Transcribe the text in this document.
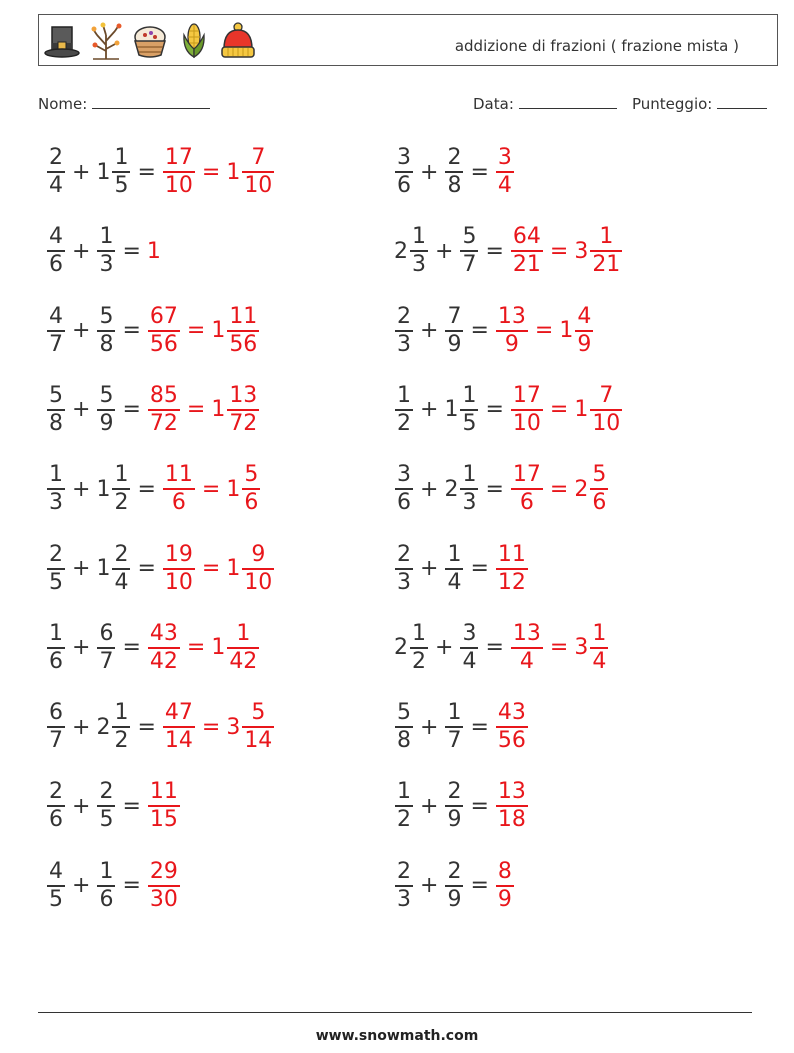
addizione di frazioni ( frazione mista )
Nome:	Data:	Punteggio:
$\frac{2}{4} + 1 \frac{1}{5} = \frac{17}{10} = 1 \frac{7}{10}$
$\frac{4}{6} + \frac{1}{3} = 1$
$\frac{4}{7} + \frac{5}{8} = \frac{67}{56} = 1 \frac{11}{56}$
$\frac{5}{8} + \frac{5}{9} = \frac{85}{72} = 1 \frac{13}{72}$
$\frac{1}{3} + 1 \frac{1}{2} = \frac{11}{6} = 1 \frac{5}{6}$
$\frac{2}{5} + 1 \frac{2}{4} = \frac{19}{10} = 1 \frac{9}{10}$
$\frac{1}{6} + \frac{6}{7} = \frac{43}{42} = 1 \frac{1}{42}$
$\frac{6}{7} + 2 \frac{1}{2} = \frac{47}{14} = 3 \frac{5}{14}$
$\frac{2}{6} + \frac{2}{5} = \frac{11}{15}$
$\frac{4}{5} + \frac{1}{6} = \frac{29}{30}$
$\frac{3}{6} + \frac{2}{8} = \frac{3}{4}$
$2 \frac{1}{3} + \frac{5}{7} = \frac{64}{21} = 3 \frac{1}{21}$
$\frac{2}{3} + \frac{7}{9} = \frac{13}{9} = 1 \frac{4}{9}$
$\frac{1}{2} + 1 \frac{1}{5} = \frac{17}{10} = 1 \frac{7}{10}$
$\frac{3}{6} + 2 \frac{1}{3} = \frac{17}{6} = 2 \frac{5}{6}$
$\frac{2}{3} + \frac{1}{4} = \frac{11}{12}$
$2 \frac{1}{2} + \frac{3}{4} = \frac{13}{4} = 3 \frac{1}{4}$
$\frac{5}{8} + \frac{1}{7} = \frac{43}{56}$
$\frac{1}{2} + \frac{2}{9} = \frac{13}{18}$
$\frac{2}{3} + \frac{2}{9} = \frac{8}{9}$
www.snowmath.com
